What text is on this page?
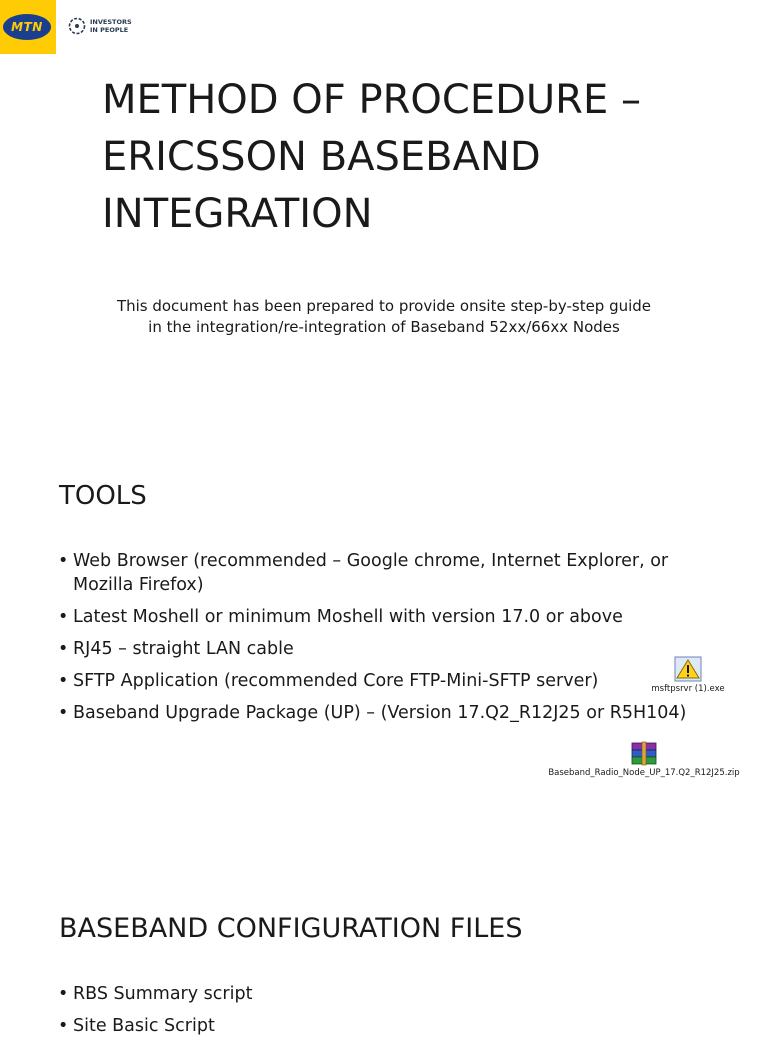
MTN	INVESTORS
IN PEOPLE
METHOD OF PROCEDURE – ERICSSON BASEBAND INTEGRATION
This document has been prepared to provide onsite step-by-step guide
in the integration/re-integration of Baseband 52xx/66xx Nodes
TOOLS
• Web Browser (recommended – Google chrome, Internet Explorer, or Mozilla Firefox)
• Latest Moshell or minimum Moshell with version 17.0 or above
• RJ45 – straight LAN cable
• SFTP Application (recommended Core FTP-Mini-SFTP server)
• Baseband Upgrade Package (UP) – (Version 17.Q2_R12J25 or R5H104)
msftpsrvr (1).exe
Baseband_Radio_Node_UP_17.Q2_R12J25.zip
BASEBAND CONFIGURATION FILES
• RBS Summary script
• Site Basic Script
